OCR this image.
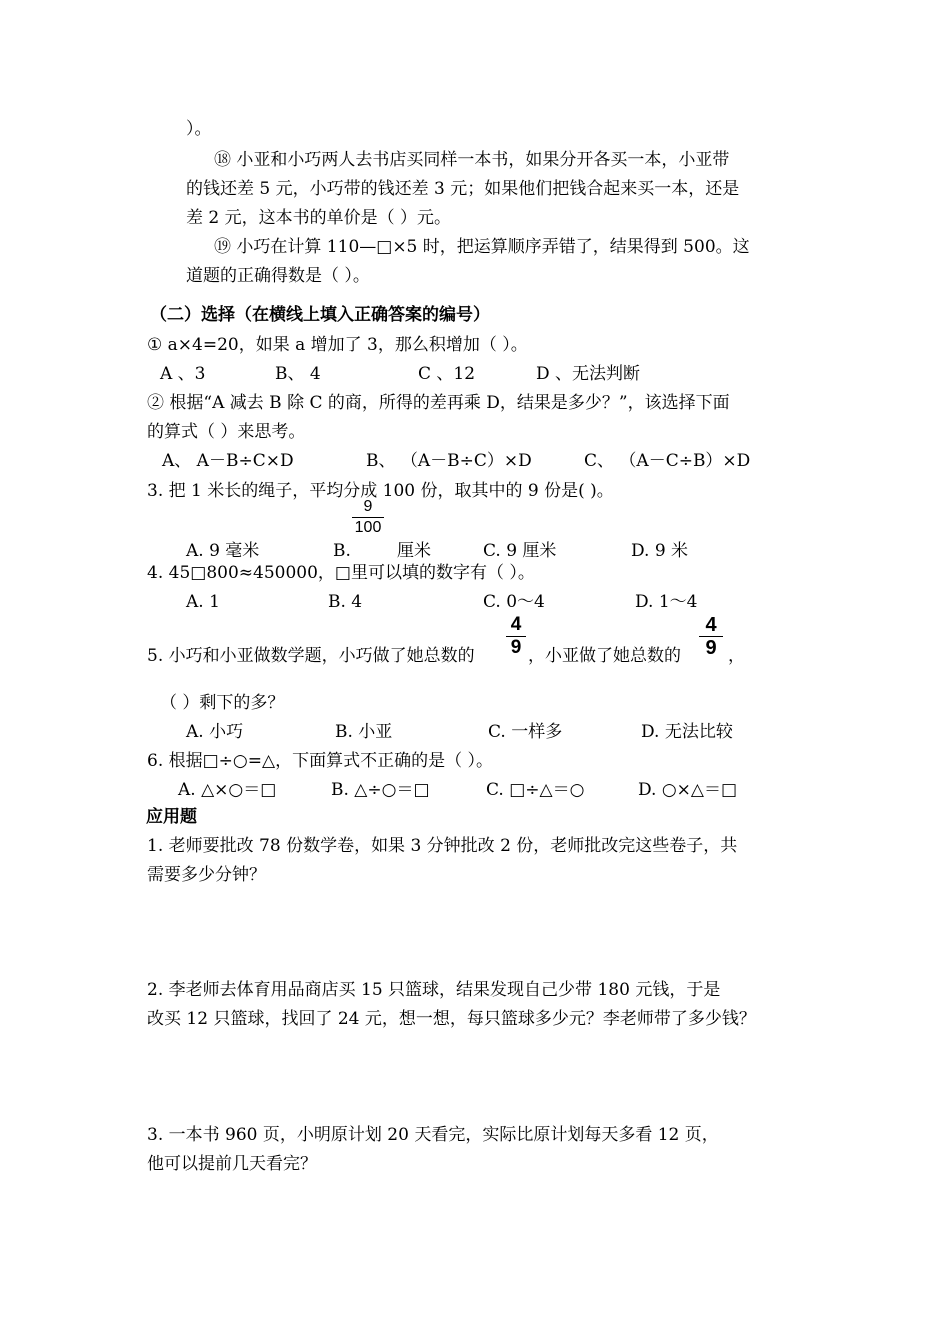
）。
⑱ 小亚和小巧两人去书店买同样一本书，如果分开各买一本，小亚带
的钱还差 5 元，小巧带的钱还差 3 元；如果他们把钱合起来买一本，还是
差 2 元，这本书的单价是（ ）元。
⑲ 小巧在计算 110—□×5 时，把运算顺序弄错了，结果得到 500。这
道题的正确得数是（ ）。
（二）选择（在横线上填入正确答案的编号）
① a×4=20，如果 a 增加了 3，那么积增加（ ）。
A 、3	B、 4	C 、12	D 、无法判断
② 根据“A 减去 B 除 C 的商，所得的差再乘 D，结果是多少？”，该选择下面
的算式（ ）来思考。
A、 A－B÷C×D	B、 （A－B÷C）×D	C、 （A－C÷B）×D
3. 把 1 米长的绳子，平均分成 100 份，取其中的 9 份是( )。
$\frac{9}{100}$
A. 9 毫米	B.	厘米	C. 9 厘米	D. 9 米
4. 45□800≈450000，□里可以填的数字有（ ）。
A. 1	B. 4	C. 0～4	D. 1～4
5. 小巧和小亚做数学题，小巧做了她总数的 $\frac{4}{9}$ ，小亚做了她总数的 $\frac{4}{9}$ ，
（ ）剩下的多？
A. 小巧	B. 小亚	C. 一样多	D. 无法比较
6. 根据□÷○=△，下面算式不正确的是（ ）。
A. △×○＝□	B. △÷○＝□	C. □÷△＝○	D. ○×△＝□
应用题
1. 老师要批改 78 份数学卷，如果 3 分钟批改 2 份，老师批改完这些卷子，共
需要多少分钟？
2. 李老师去体育用品商店买 15 只篮球，结果发现自己少带 180 元钱，于是
改买 12 只篮球，找回了 24 元，想一想，每只篮球多少元？李老师带了多少钱？
3. 一本书 960 页，小明原计划 20 天看完，实际比原计划每天多看 12 页，
他可以提前几天看完？
